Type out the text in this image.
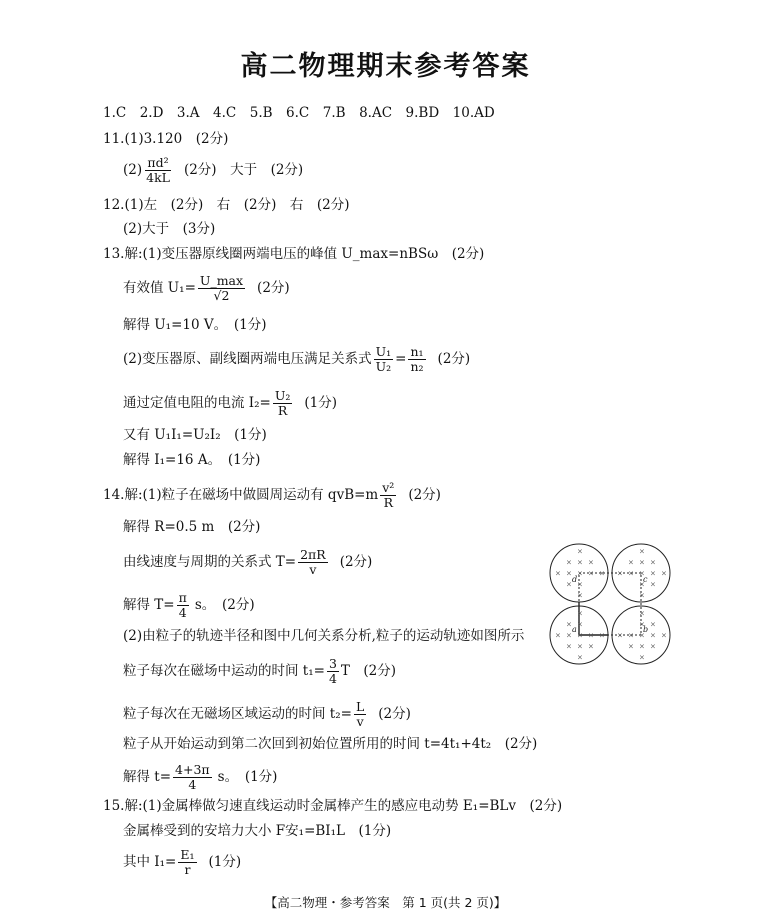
高二物理期末参考答案
1.C　2.D　3.A　4.C　5.B　6.C　7.B　8.AC　9.BD　10.AD
11.(1)3.120　(2分)
$(2) \frac{\text{πd²}}{4kL} (2$分)　大于　(2分)
12.(1)左　(2分)　右　(2分)　右　(2分)
(2)大于　(3分)
13.解:(1)变压器原线圈两端电压的峰值 U_max=nBSω　(2分)
有效值 $U_1= \frac{U\_\max}{√2} (2$分)
解得 U₁=10 V。　(1分)
(2)变压器原、副线圈两端电压满足关系式 $\frac{\text{U₁}}{\text{U₂}} = \frac{\text{n₁}}{\text{n₂}} (2$分)
通过定值电阻的电流 $I_2= \frac{\text{U₂}}{R} (1$分)
又有 U₁I₁=U₂I₂　(1分)
解得 I₁=16 A。　(1分)
14.解:(1)粒子在磁场中做圆周运动有 $qvB=m \frac{\text{v²}}{R} (2$分)
解得 R=0.5 m　(2分)
由线速度与周期的关系式 $T= \frac{2\pi R}{v} (2$分)
解得 $T= \frac{\pi}{4}$ s。　(2分)
(2)由粒子的轨迹半径和图中几何关系分析,粒子的运动轨迹如图所示
粒子每次在磁场中运动的时间 $t_1= \frac{3}{4}$ T　(2分)
粒子每次在无磁场区域运动的时间 $t_2= \frac{L}{v} (2$分)
粒子从开始运动到第二次回到初始位置所用的时间 t=4t₁+4t₂　(2分)
解得 $t= \frac{4+3\pi}{4}$ s。　(1分)
×
×
×
×
×
×
×
×
×
×
× × ×
×
×
×
×
×
×
×
×
×
×
×
×
×
×
×
×
×
×
×
×
×
×
× × ×
×
×
×
×
×
×
×
×
×
×
d	c
a	b
15.解:(1)金属棒做匀速直线运动时金属棒产生的感应电动势 E₁=BLv　(2分)
金属棒受到的安培力大小 F安₁=BI₁L　(1分)
其中 $I_1= \frac{\text{E₁}}{r} (1$分)
【高二物理・参考答案　第 1 页(共 2 页)】
